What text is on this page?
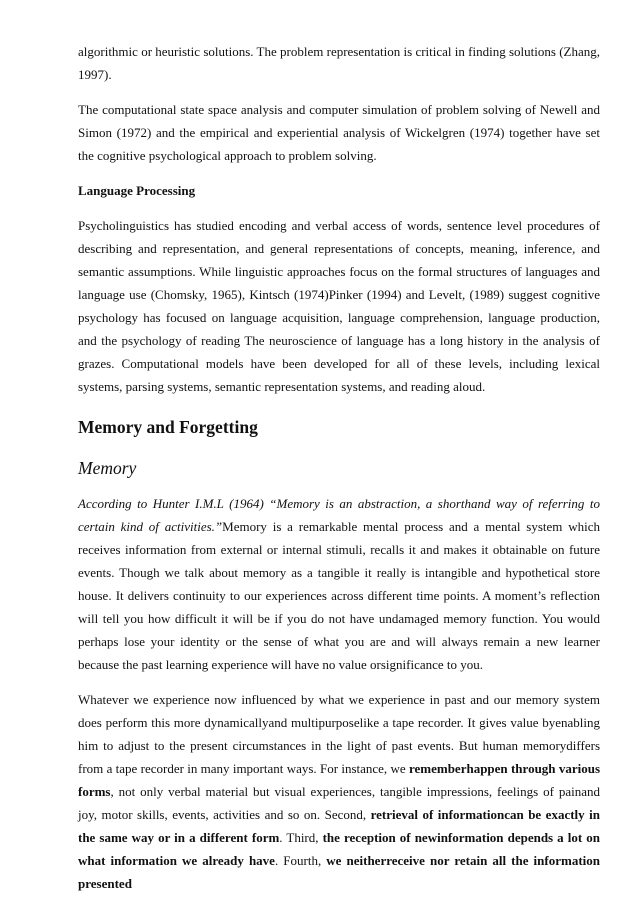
algorithmic or heuristic solutions. The problem representation is critical in finding solutions (Zhang, 1997).

The computational state space analysis and computer simulation of problem solving of Newell and Simon (1972) and the empirical and experiential analysis of Wickelgren (1974) together have set the cognitive psychological approach to problem solving.

Language Processing

Psycholinguistics has studied encoding and verbal access of words, sentence level procedures of describing and representation, and general representations of concepts, meaning, inference, and semantic assumptions. While linguistic approaches focus on the formal structures of languages and language use (Chomsky, 1965), Kintsch (1974)Pinker (1994) and Levelt, (1989) suggest cognitive psychology has focused on language acquisition, language comprehension, language production, and the psychology of reading The neuroscience of language has a long history in the analysis of grazes. Computational models have been developed for all of these levels, including lexical systems, parsing systems, semantic representation systems, and reading aloud.

Memory and Forgetting
Memory

According to Hunter I.M.L (1964) “Memory is an abstraction, a shorthand way of referring to certain kind of activities.”Memory is a remarkable mental process and a mental system which receives information from external or internal stimuli, recalls it and makes it obtainable on future events. Though we talk about memory as a tangible it really is intangible and hypothetical store house. It delivers continuity to our experiences across different time points. A moment’s reflection will tell you how difficult it will be if you do not have undamaged memory function. You would perhaps lose your identity or the sense of what you are and will always remain a new learner because the past learning experience will have no value orsignificance to you.

Whatever we experience now influenced by what we experience in past and our memory system does perform this more dynamicallyand multipurposelike a tape recorder. It gives value byenabling him to adjust to the present circumstances in the light of past events. But human memorydiffers from a tape recorder in many important ways. For instance, we rememberhappen through various forms, not only verbal material but visual experiences, tangible impressions, feelings of painand joy, motor skills, events, activities and so on. Second, retrieval of informationcan be exactly in the same way or in a different form. Third, the reception of newinformation depends a lot on what information we already have. Fourth, we neitherreceive nor retain all the information presented
